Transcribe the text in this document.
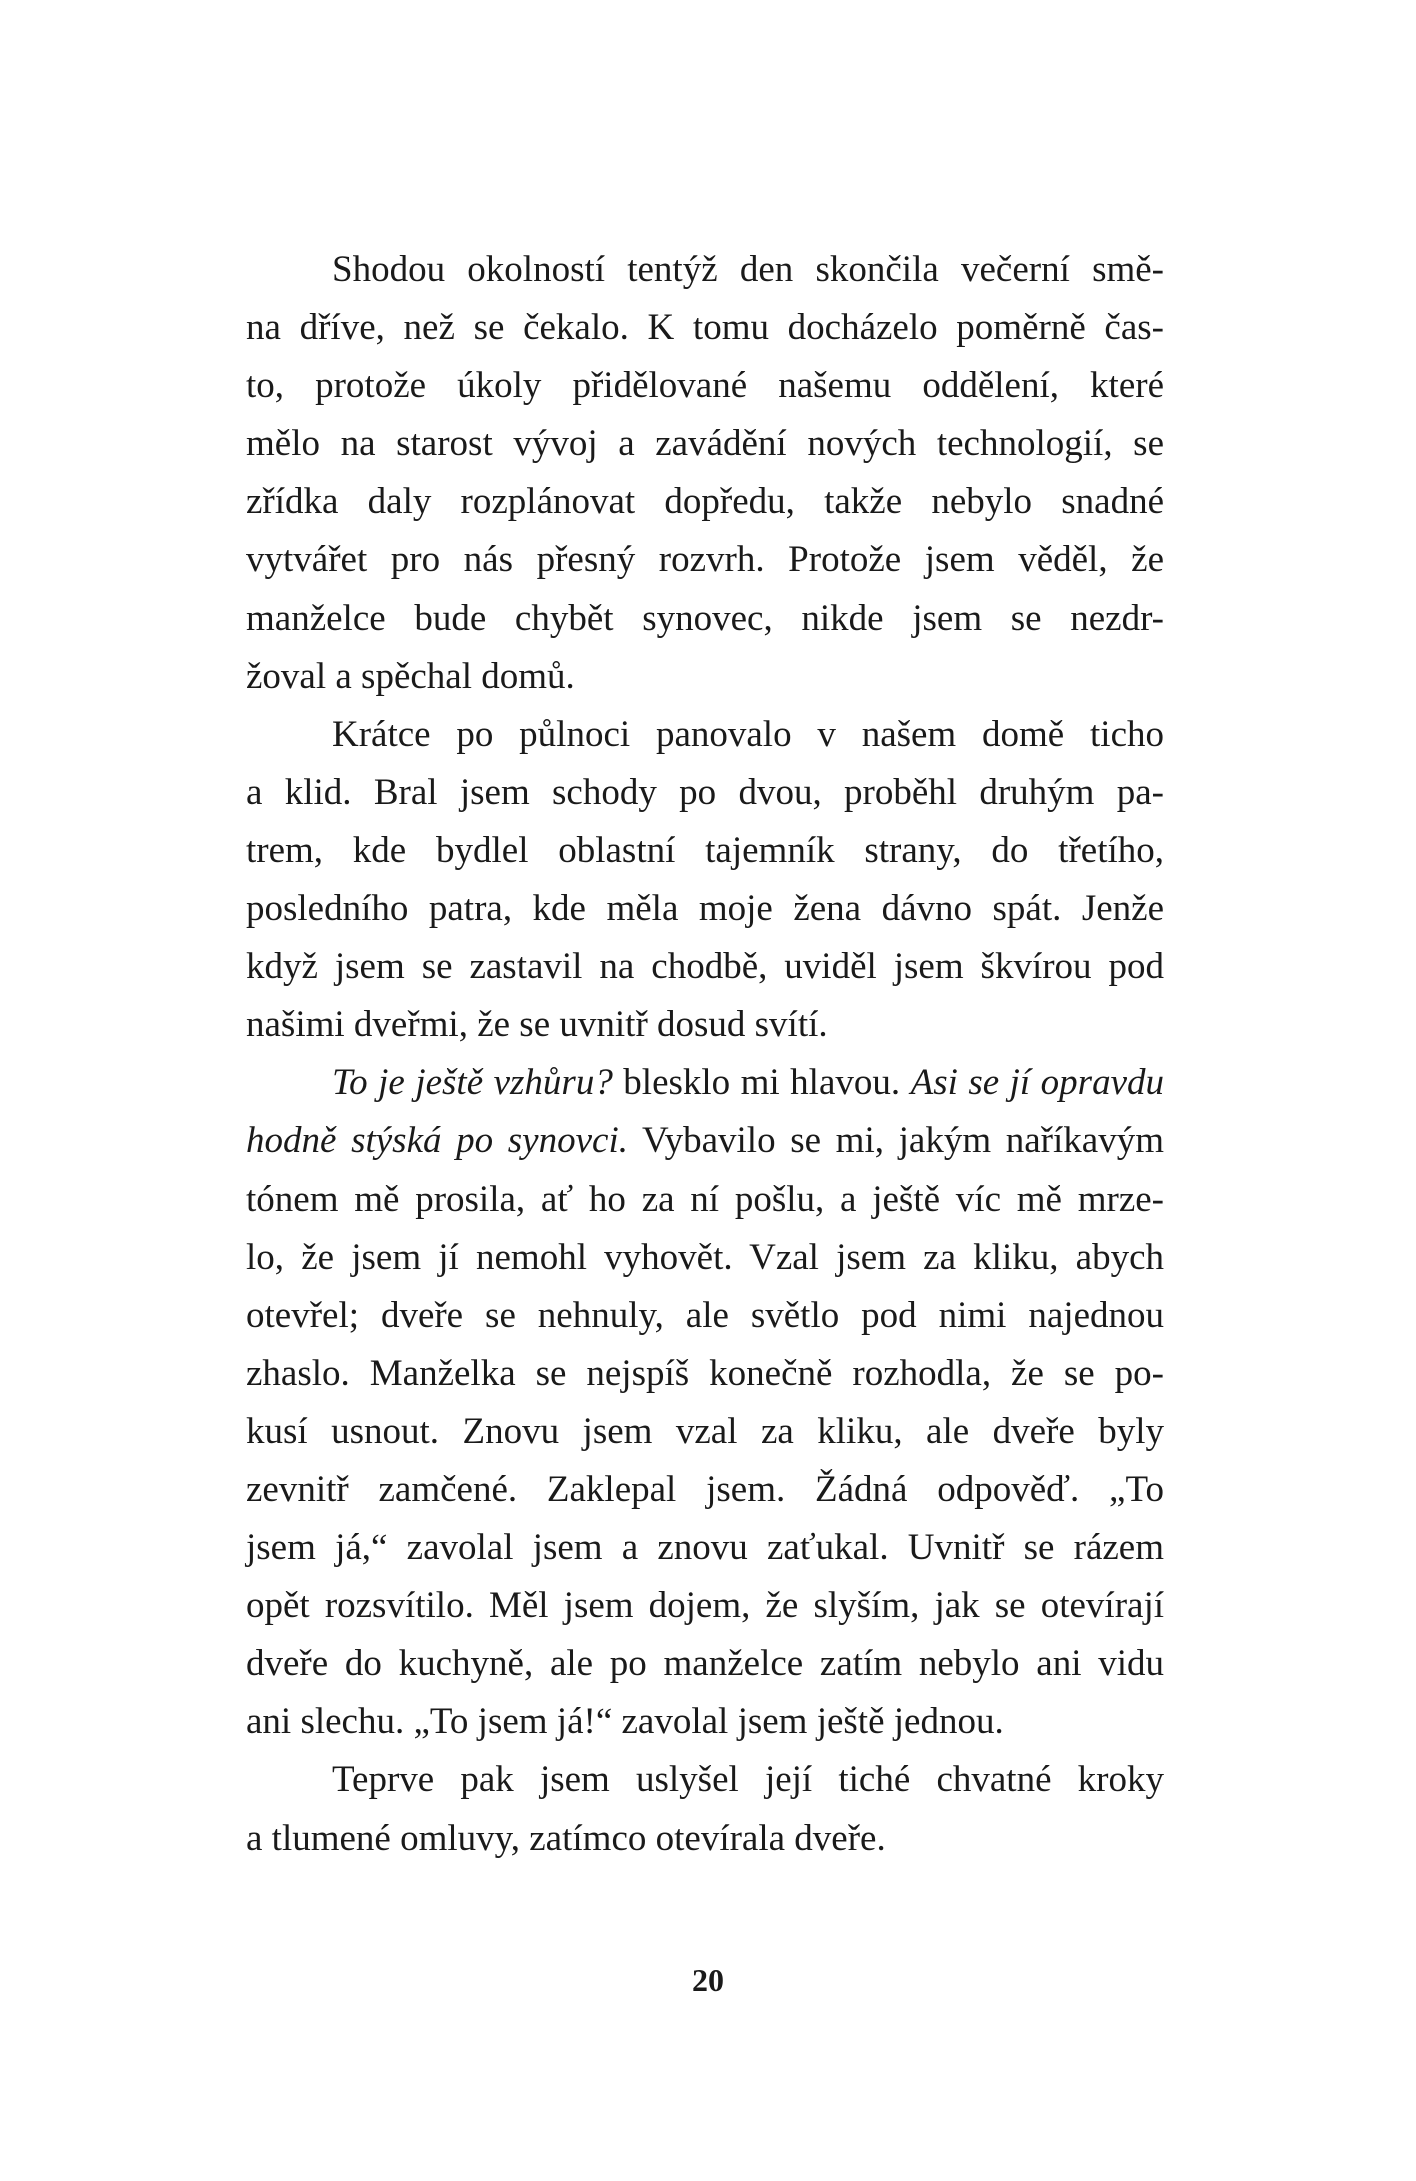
Shodou okolností tentýž den skončila večerní smě-
na dříve, než se čekalo. K tomu docházelo poměrně čas-
to, protože úkoly přidělované našemu oddělení, které
mělo na starost vývoj a zavádění nových technologií, se
zřídka daly rozplánovat dopředu, takže nebylo snadné
vytvářet pro nás přesný rozvrh. Protože jsem věděl, že
manželce bude chybět synovec, nikde jsem se nezdr-
žoval a spěchal domů.
Krátce po půlnoci panovalo v našem domě ticho
a klid. Bral jsem schody po dvou, proběhl druhým pa-
trem, kde bydlel oblastní tajemník strany, do třetího,
posledního patra, kde měla moje žena dávno spát. Jenže
když jsem se zastavil na chodbě, uviděl jsem škvírou pod
našimi dveřmi, že se uvnitř dosud svítí.
To je ještě vzhůru? blesklo mi hlavou. Asi se jí opravdu
hodně stýská po synovci. Vybavilo se mi, jakým naříkavým
tónem mě prosila, ať ho za ní pošlu, a ještě víc mě mrze-
lo, že jsem jí nemohl vyhovět. Vzal jsem za kliku, abych
otevřel; dveře se nehnuly, ale světlo pod nimi najednou
zhaslo. Manželka se nejspíš konečně rozhodla, že se po-
kusí usnout. Znovu jsem vzal za kliku, ale dveře byly
zevnitř zamčené. Zaklepal jsem. Žádná odpověď. „To
jsem já,“ zavolal jsem a znovu zaťukal. Uvnitř se rázem
opět rozsvítilo. Měl jsem dojem, že slyším, jak se otevírají
dveře do kuchyně, ale po manželce zatím nebylo ani vidu
ani slechu. „To jsem já!“ zavolal jsem ještě jednou.
Teprve pak jsem uslyšel její tiché chvatné kroky
a tlumené omluvy, zatímco otevírala dveře.
20
